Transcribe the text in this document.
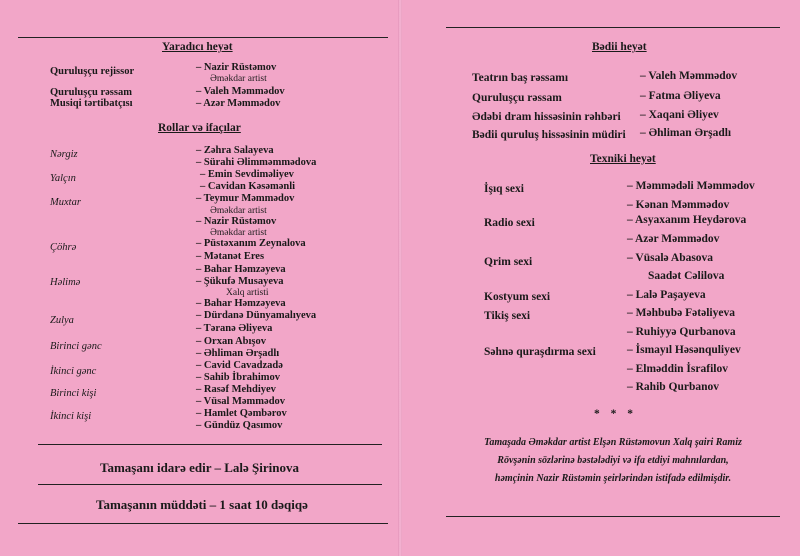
Yaradıcı heyət
Quruluşçu rejissor	– Nazir Rüstəmov
Əməkdar artist
Quruluşçu rəssam	– Valeh Məmmədov
Musiqi tərtibatçısı	– Azər Məmmədov
Rollar və ifaçılar
Nərgiz	– Zəhra Salayeva
– Sürahi Əlimməmmədova
Yalçın	– Emin Sevdiməliyev
– Cavidan Kəsəmənli
Muxtar	– Teymur Məmmədov
Əməkdar artist
– Nazir Rüstəmov
Əməkdar artist
Çöhrə	– Püstəxanım Zeynalova
– Mətanət Eres
Həlimə
– Bahar Həmzəyeva
– Şükufə Musayeva
Xalq artisti
– Bahar Həmzəyeva
Zulya	– Dürdanə Dünyamalıyeva
– Təranə Əliyeva
Birinci gənc	– Orxan Abışov
– Əhliman Ərşadlı
İkinci gənc
– Cavid Cavadzadə
– Sahib İbrahimov
Birinci kişi	– Rasəf Mehdiyev
– Vüsal Məmmədov
İkinci kişi	– Hamlet Qəmbərov
– Gündüz Qasımov
Tamaşanı idarə edir – Lalə Şirinova
Tamaşanın müddəti – 1 saat 10 dəqiqə
Bədii heyət
Teatrın baş rəssamı	– Valeh Məmmədov
Quruluşçu rəssam	– Fatma Əliyeva
Ədəbi dram hissəsinin rəhbəri – Xaqani Əliyev
Bədii quruluş hissəsinin müdiri – Əhliman Ərşadlı
Texniki heyət
İşıq sexi	– Məmmədəli Məmmədov
– Kənan Məmmədov
Radio sexi	– Asyaxanım Heydərova
– Azər Məmmədov
Qrim sexi	– Vüsalə Abasova
Saadət Cəlilova
Kostyum sexi	– Lalə Paşayeva
Tikiş sexi	– Məhbubə Fətəliyeva
– Ruhiyyə Qurbanova
Səhnə quraşdırma sexi	– İsmayıl Həsənquliyev
– Elməddin İsrafilov
– Rahib Qurbanov
* * *
Tamaşada Əməkdar artist Elşən Rüstəmovun Xalq şairi Ramiz
Rövşənin sözlərinə bəstələdiyi və ifa etdiyi mahnılardan,
həmçinin Nazir Rüstəmin şeirlərindən istifadə edilmişdir.
